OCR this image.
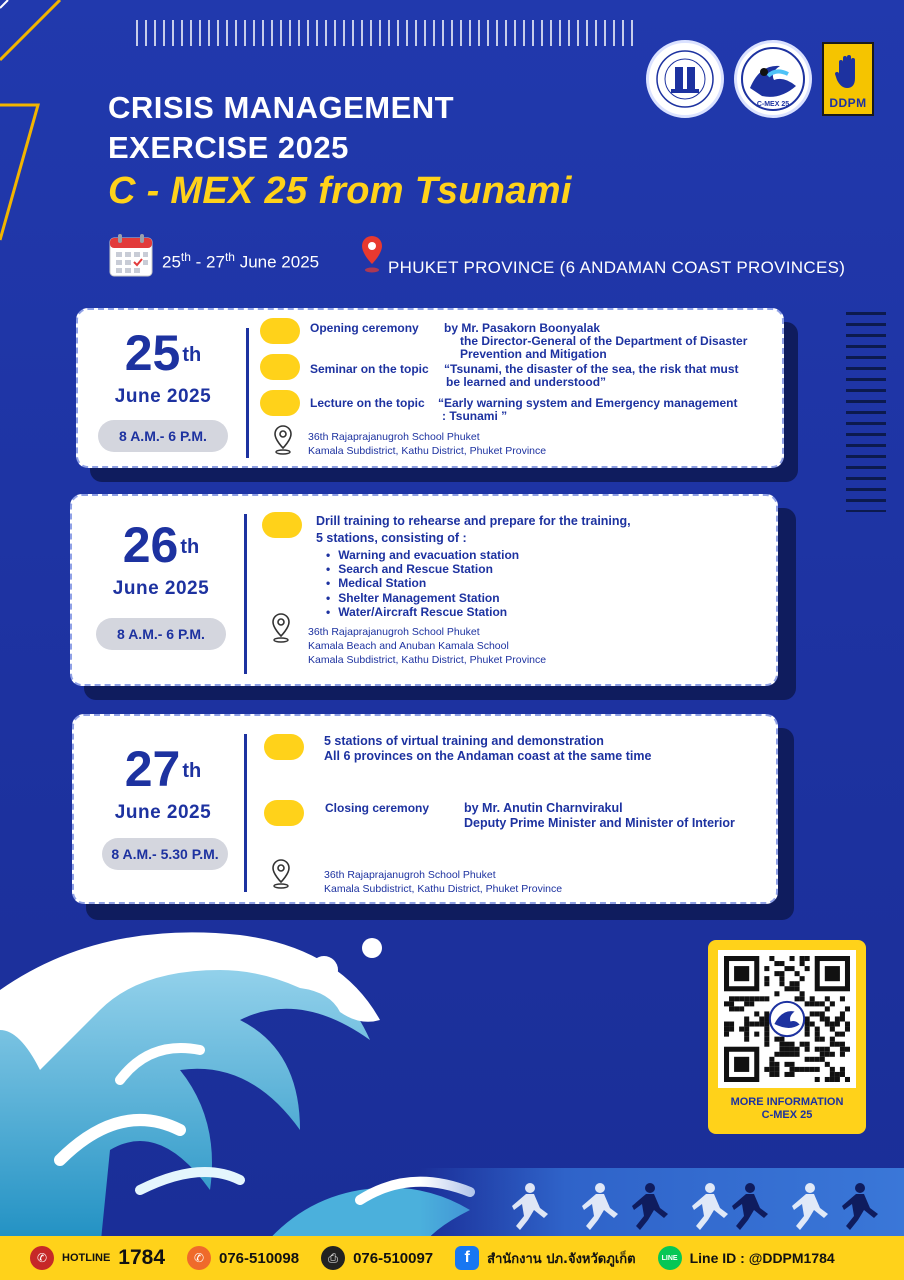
C-MEX 25	DDPM
CRISIS MANAGEMENT
EXERCISE 2025
C - MEX 25 from Tsunami
25th - 27th June 2025	PHUKET PROVINCE (6 ANDAMAN COAST PROVINCES)
25 $^{th}$
June 2025
8 A.M.- 6 P.M.
Opening ceremony by Mr. Pasakorn Boonyalak
the Director-General of the Department of Disaster
Prevention and Mitigation
Seminar on the topic “Tsunami, the disaster of the sea, the risk that must
be learned and understood”
Lecture on the topic “Early warning system and Emergency management
: Tsunami ”
36th Rajaprajanugroh School Phuket
Kamala Subdistrict, Kathu District, Phuket Province
26 $^{th}$
June 2025
8 A.M.- 6 P.M.
Drill training to rehearse and prepare for the training,
5 stations, consisting of :
• Warning and evacuation station
• Search and Rescue Station
• Medical Station
• Shelter Management Station
• Water/Aircraft Rescue Station
36th Rajaprajanugroh School Phuket
Kamala Beach and Anuban Kamala School
Kamala Subdistrict, Kathu District, Phuket Province
27 $^{th}$
June 2025
8 A.M.- 5.30 P.M.
5 stations of virtual training and demonstration
All 6 provinces on the Andaman coast at the same time
Closing ceremony	by Mr. Anutin Charnvirakul
Deputy Prime Minister and Minister of Interior
36th Rajaprajanugroh School Phuket
Kamala Subdistrict, Kathu District, Phuket Province
MORE INFORMATION
C-MEX 25
✆	HOTLINE 1784	✆ 076-510098	⎙	076-510097	f	สำนักงาน ปภ.จังหวัดภูเก็ต	LINE Line ID : @DDPM1784
